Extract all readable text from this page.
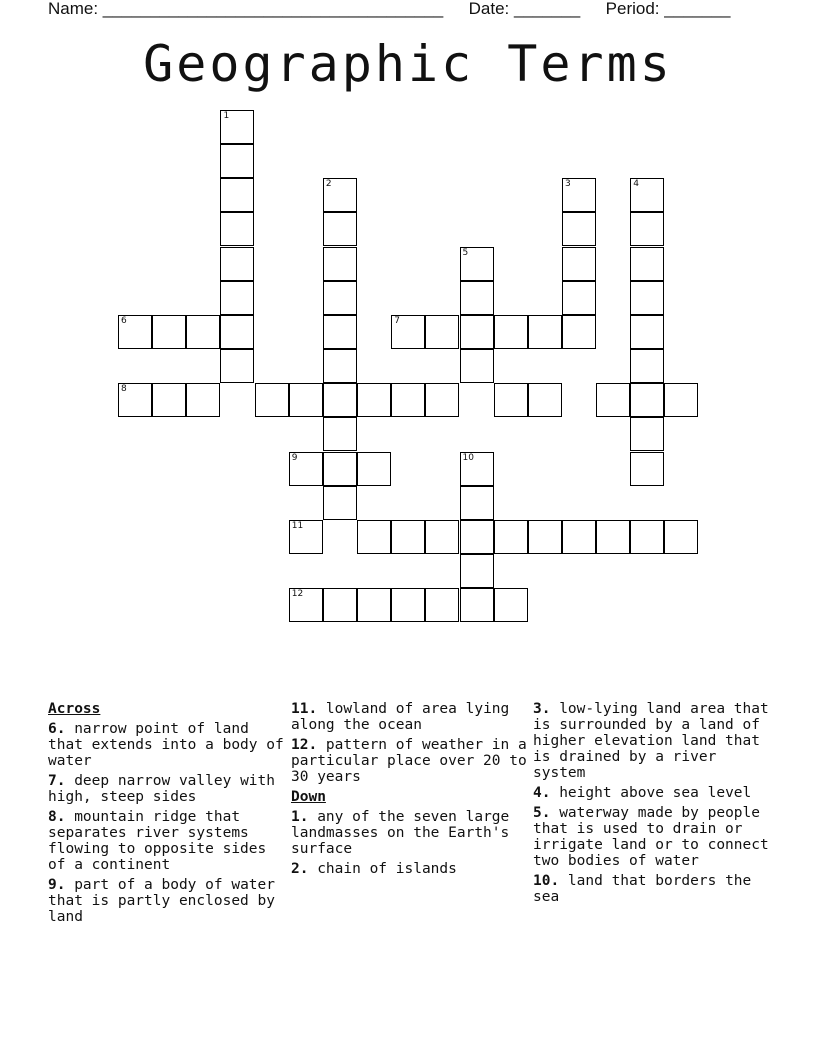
Name: ____________________________________ Date: _______ Period: _______
Geographic Terms
1
2	3	4
5
6	7
8
9	10
11
12
Across
6. narrow point of land that extends into a body of water
7. deep narrow valley with high, steep sides
8. mountain ridge that separates river systems flowing to opposite sides of a continent
9. part of a body of water that is partly enclosed by land
11. lowland of area lying along the ocean
12. pattern of weather in a particular place over 20 to 30 years
Down
1. any of the seven large landmasses on the Earth's surface
2. chain of islands
3. low-lying land area that is surrounded by a land of higher elevation land that is drained by a river system
4. height above sea level
5. waterway made by people that is used to drain or irrigate land or to connect two bodies of water
10. land that borders the sea
